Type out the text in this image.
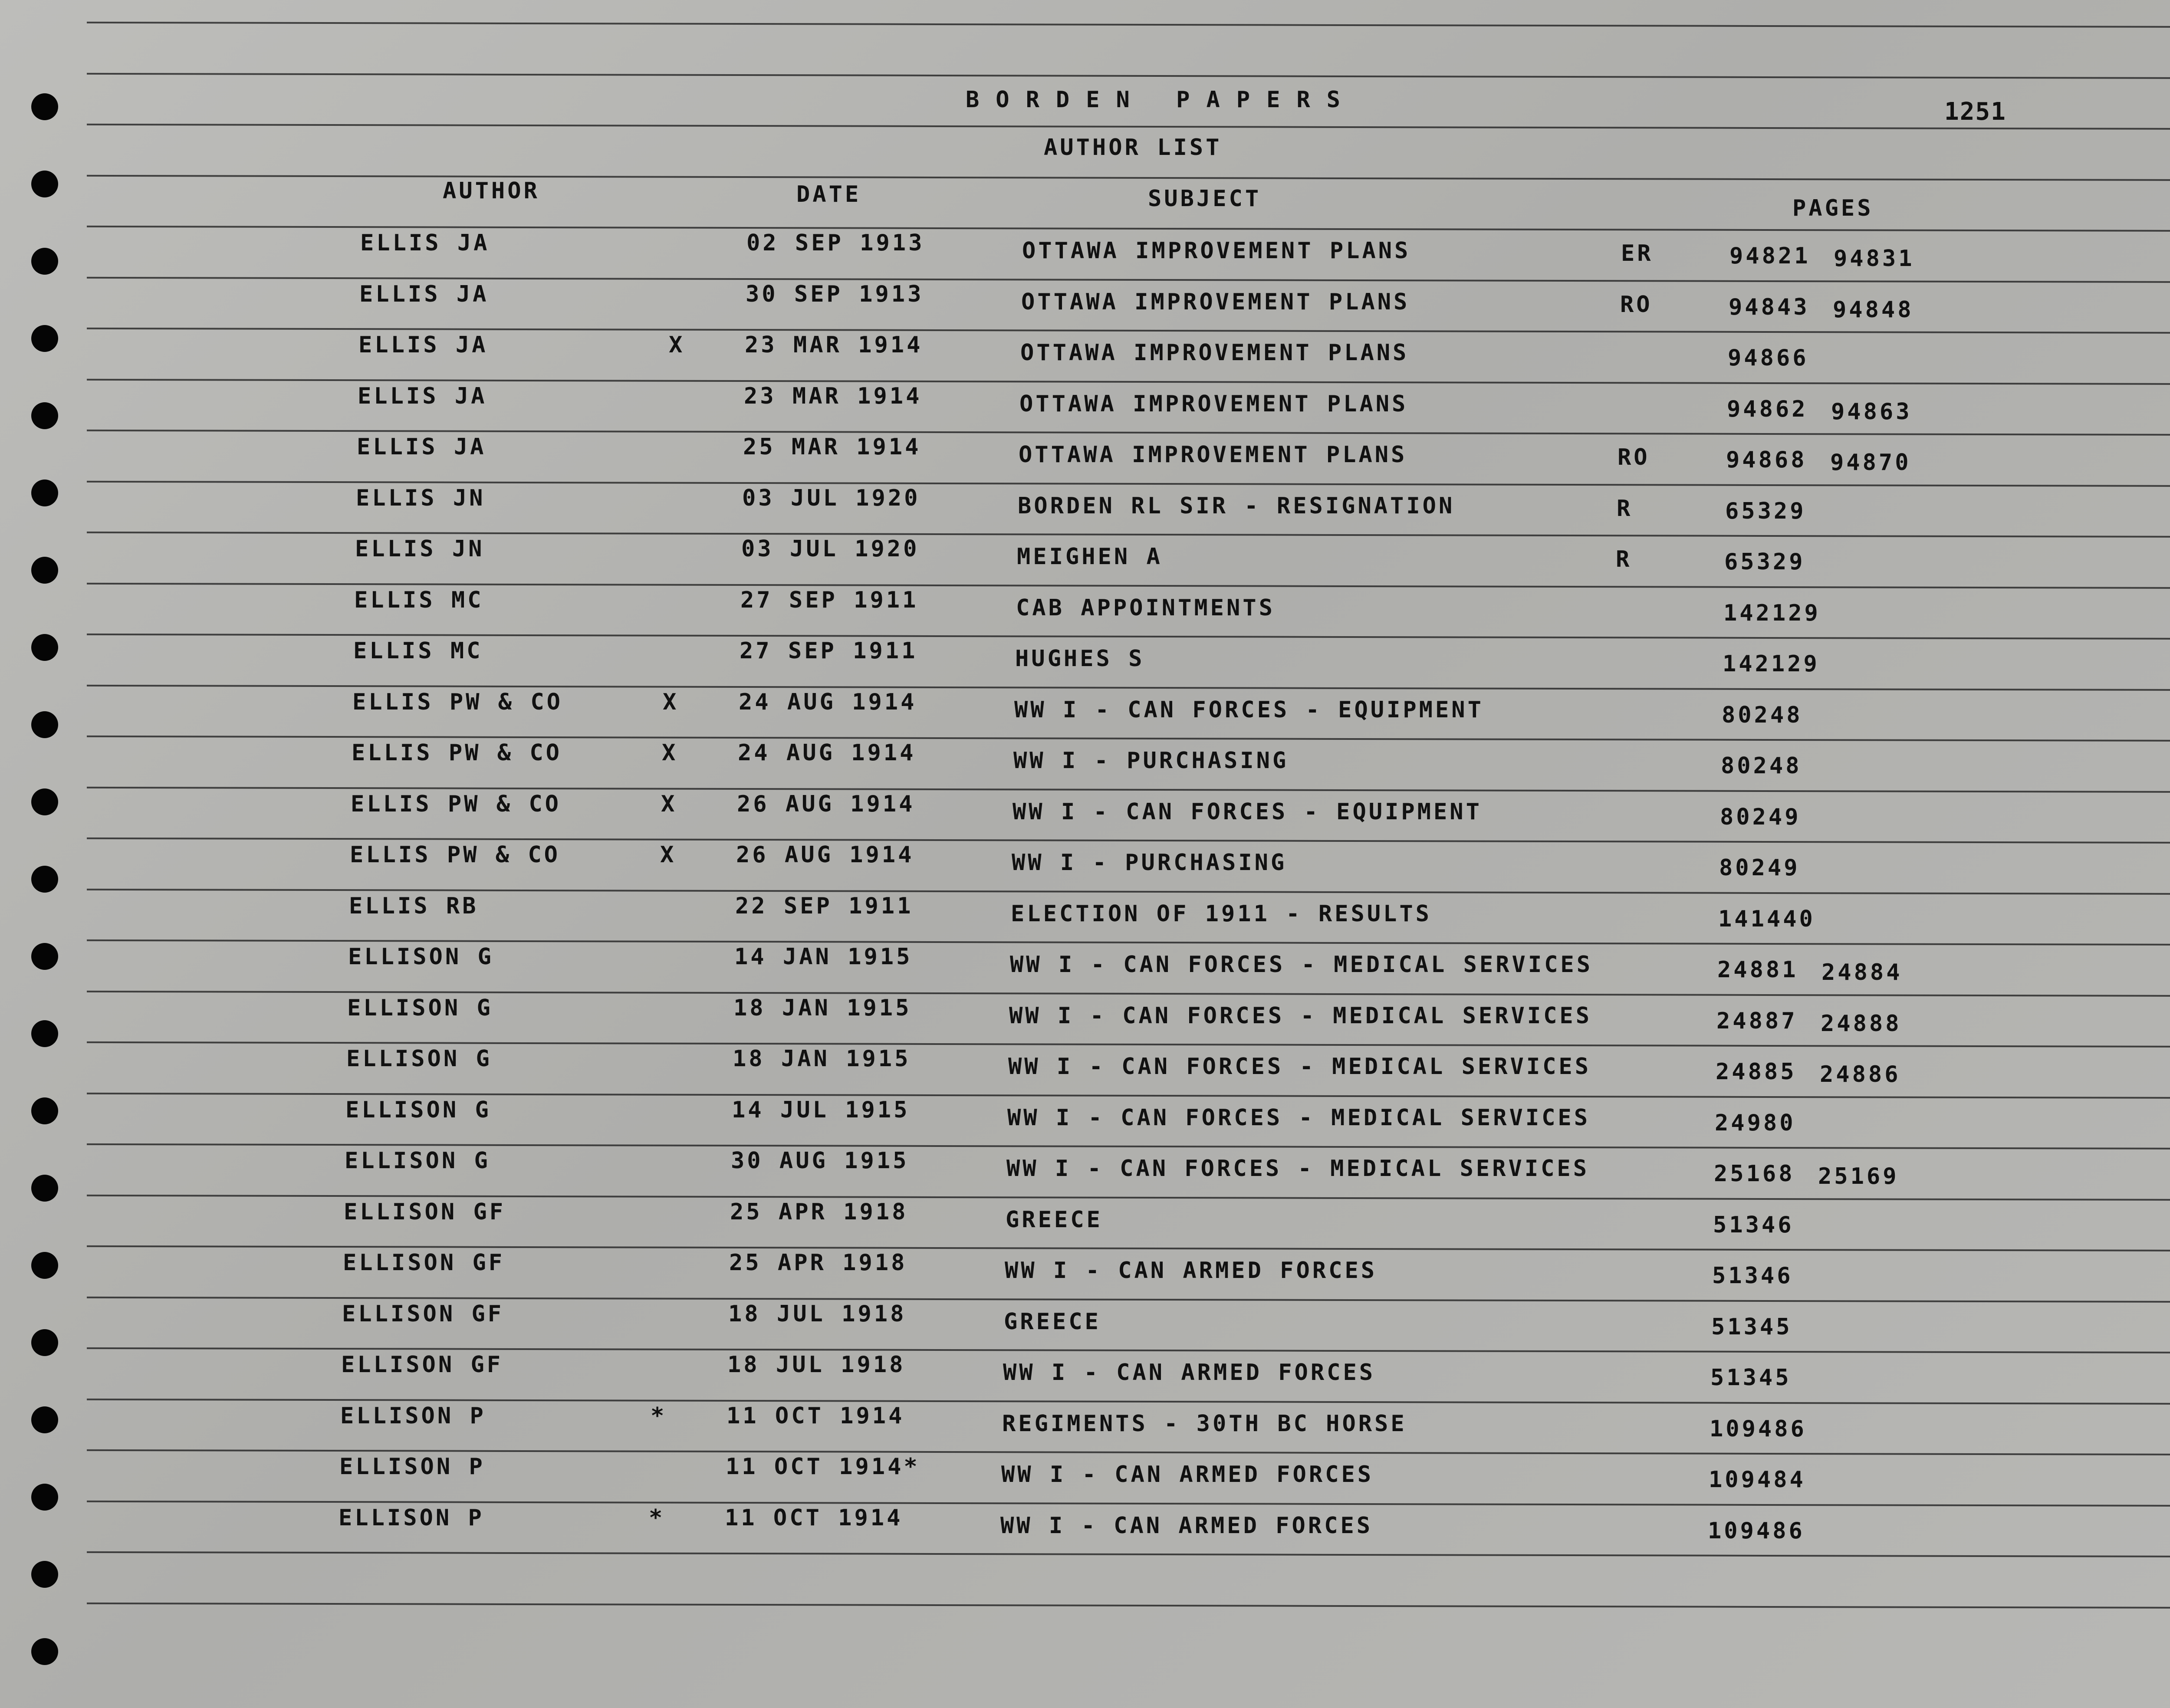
BORDEN PAPERS	1251
AUTHOR LIST
AUTHOR	DATE	SUBJECT	PAGES
ELLIS JA	02 SEP 1913	OTTAWA IMPROVEMENT PLANS	ER	94821 94831
ELLIS JA	30 SEP 1913	OTTAWA IMPROVEMENT PLANS	RO	94843 94848
ELLIS JA	X	23 MAR 1914	OTTAWA IMPROVEMENT PLANS	94866
ELLIS JA	23 MAR 1914	OTTAWA IMPROVEMENT PLANS	94862 94863
ELLIS JA	25 MAR 1914	OTTAWA IMPROVEMENT PLANS	RO	94868 94870
ELLIS JN	03 JUL 1920	BORDEN RL SIR - RESIGNATION	R	65329
ELLIS JN	03 JUL 1920	MEIGHEN A	R	65329
ELLIS MC	27 SEP 1911	CAB APPOINTMENTS	142129
ELLIS MC	27 SEP 1911	HUGHES S	142129
ELLIS PW & CO	X	24 AUG 1914	WW I - CAN FORCES - EQUIPMENT	80248
ELLIS PW & CO	X	24 AUG 1914	WW I - PURCHASING	80248
ELLIS PW & CO	X	26 AUG 1914	WW I - CAN FORCES - EQUIPMENT	80249
ELLIS PW & CO	X	26 AUG 1914	WW I - PURCHASING	80249
ELLIS RB	22 SEP 1911	ELECTION OF 1911 - RESULTS	141440
ELLISON G	14 JAN 1915	WW I - CAN FORCES - MEDICAL SERVICES	24881 24884
ELLISON G	18 JAN 1915	WW I - CAN FORCES - MEDICAL SERVICES	24887 24888
ELLISON G	18 JAN 1915	WW I - CAN FORCES - MEDICAL SERVICES	24885 24886
ELLISON G	14 JUL 1915	WW I - CAN FORCES - MEDICAL SERVICES	24980
ELLISON G	30 AUG 1915	WW I - CAN FORCES - MEDICAL SERVICES	25168 25169
ELLISON GF	25 APR 1918	GREECE	51346
ELLISON GF	25 APR 1918	WW I - CAN ARMED FORCES	51346
ELLISON GF	18 JUL 1918	GREECE	51345
ELLISON GF	18 JUL 1918	WW I - CAN ARMED FORCES	51345
ELLISON P	*	11 OCT 1914	REGIMENTS - 30TH BC HORSE	109486
ELLISON P	11 OCT 1914*	WW I - CAN ARMED FORCES	109484
ELLISON P	*	11 OCT 1914	WW I - CAN ARMED FORCES	109486
